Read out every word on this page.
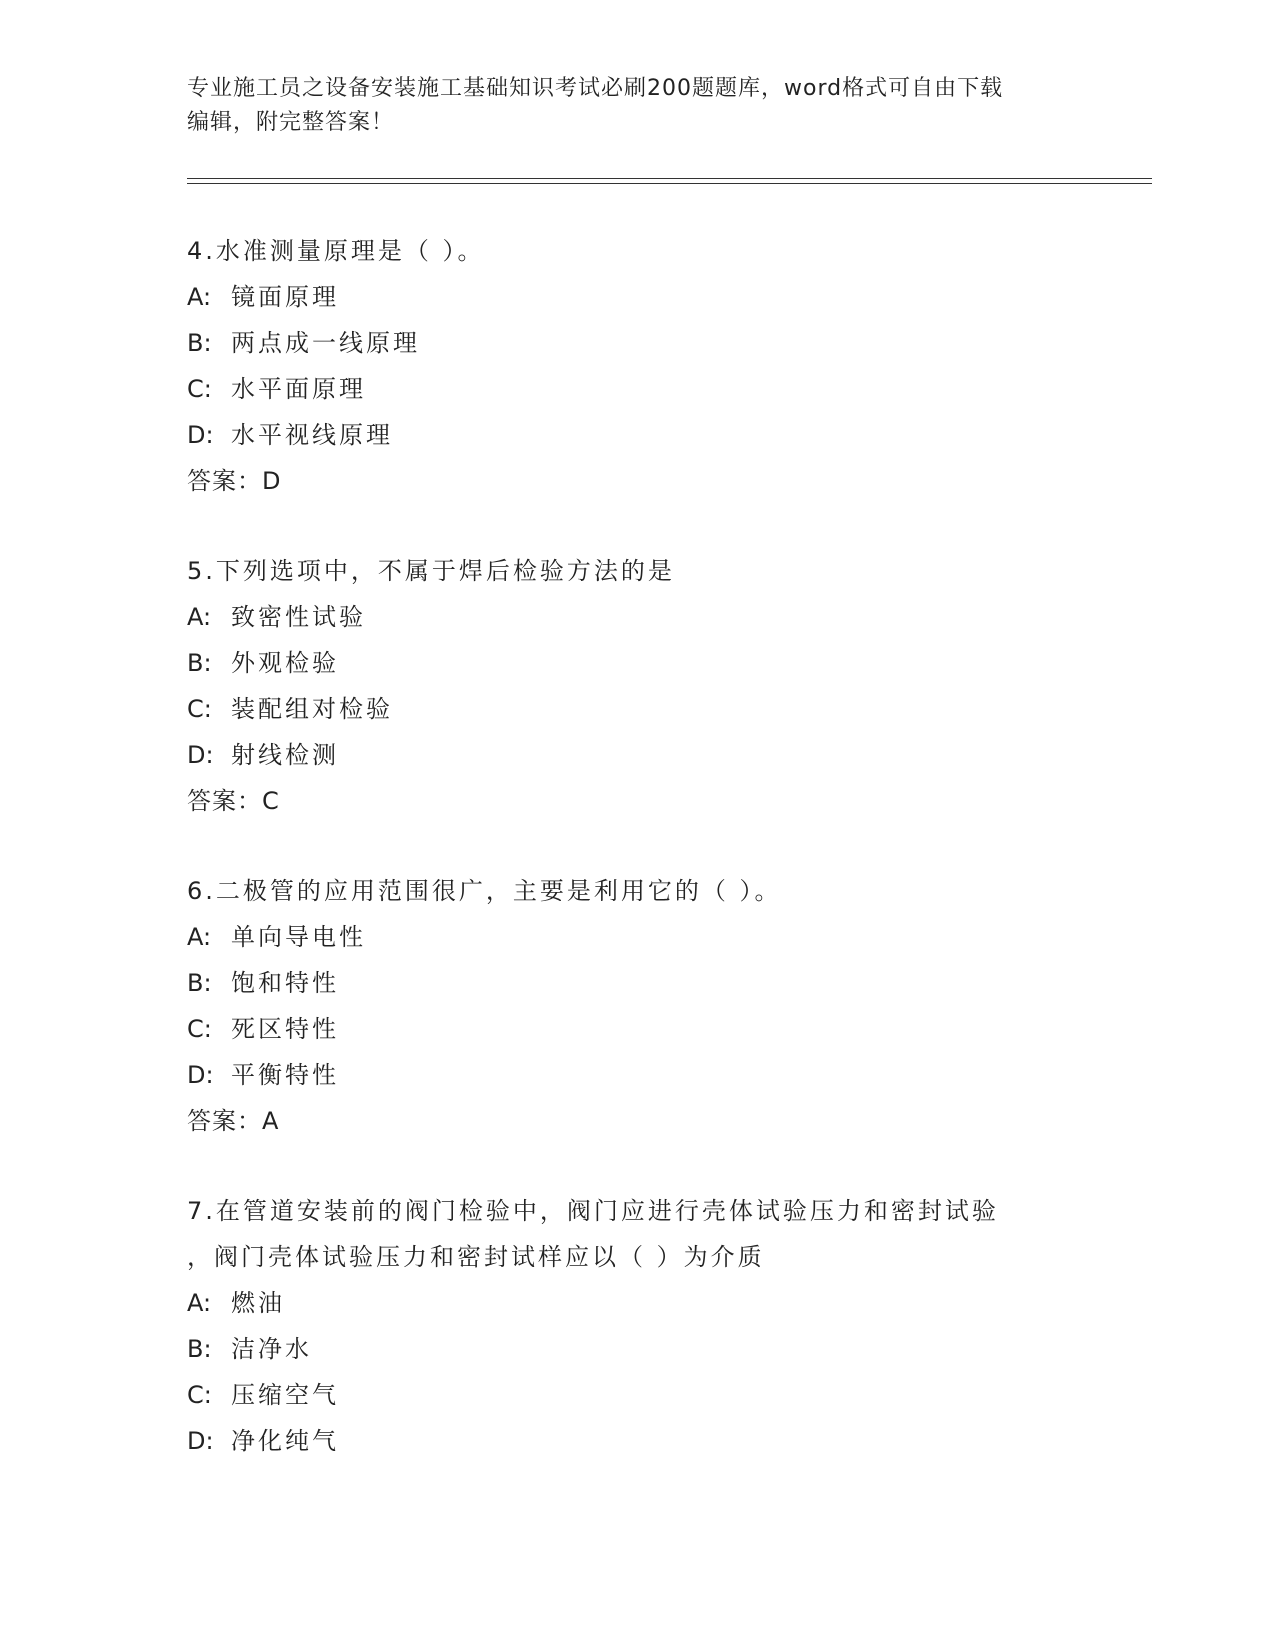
专业施工员之设备安装施工基础知识考试必刷200题题库，word格式可自由下载
编辑，附完整答案！
4.水准测量原理是（ ）。
A: 镜面原理
B: 两点成一线原理
C: 水平面原理
D: 水平视线原理
答案：D
5.下列选项中，不属于焊后检验方法的是
A: 致密性试验
B: 外观检验
C: 装配组对检验
D: 射线检测
答案：C
6.二极管的应用范围很广，主要是利用它的（ ）。
A: 单向导电性
B: 饱和特性
C: 死区特性
D: 平衡特性
答案：A
7.在管道安装前的阀门检验中，阀门应进行壳体试验压力和密封试验
，阀门壳体试验压力和密封试样应以（ ）为介质
A: 燃油
B: 洁净水
C: 压缩空气
D: 净化纯气
